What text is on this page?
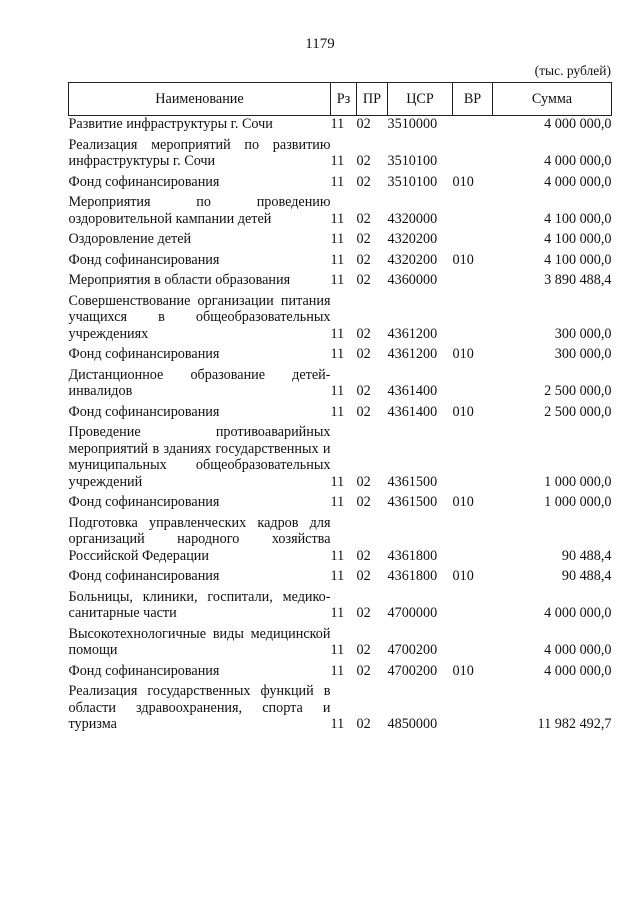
1179
(тыс. рублей)
Наименование	Рз	ПР	ЦСР	ВР	Сумма
Развитие инфраструктуры г. Сочи	11	02	3510000		4 000 000,0
Реализация мероприятий по развитию инфраструктуры г. Сочи	11	02	3510100		4 000 000,0
Фонд софинансирования	11	02	3510100	010	4 000 000,0
Мероприятия по проведению оздоровительной кампании детей	11	02	4320000		4 100 000,0
Оздоровление детей	11	02	4320200		4 100 000,0
Фонд софинансирования	11	02	4320200	010	4 100 000,0
Мероприятия в области образования	11	02	4360000		3 890 488,4
Совершенствование организации питания учащихся в общеобразовательных учреждениях	11	02	4361200		300 000,0
Фонд софинансирования	11	02	4361200	010	300 000,0
Дистанционное образование детей-инвалидов	11	02	4361400		2 500 000,0
Фонд софинансирования	11	02	4361400	010	2 500 000,0
Проведение противоаварийных мероприятий в зданиях государственных и муниципальных общеобразовательных учреждений	11	02	4361500		1 000 000,0
Фонд софинансирования	11	02	4361500	010	1 000 000,0
Подготовка управленческих кадров для организаций народного хозяйства Российской Федерации	11	02	4361800		90 488,4
Фонд софинансирования	11	02	4361800	010	90 488,4
Больницы, клиники, госпитали, медико-санитарные части	11	02	4700000		4 000 000,0
Высокотехнологичные виды медицинской помощи	11	02	4700200		4 000 000,0
Фонд софинансирования	11	02	4700200	010	4 000 000,0
Реализация государственных функций в области здравоохранения, спорта и туризма	11	02	4850000		11 982 492,7
